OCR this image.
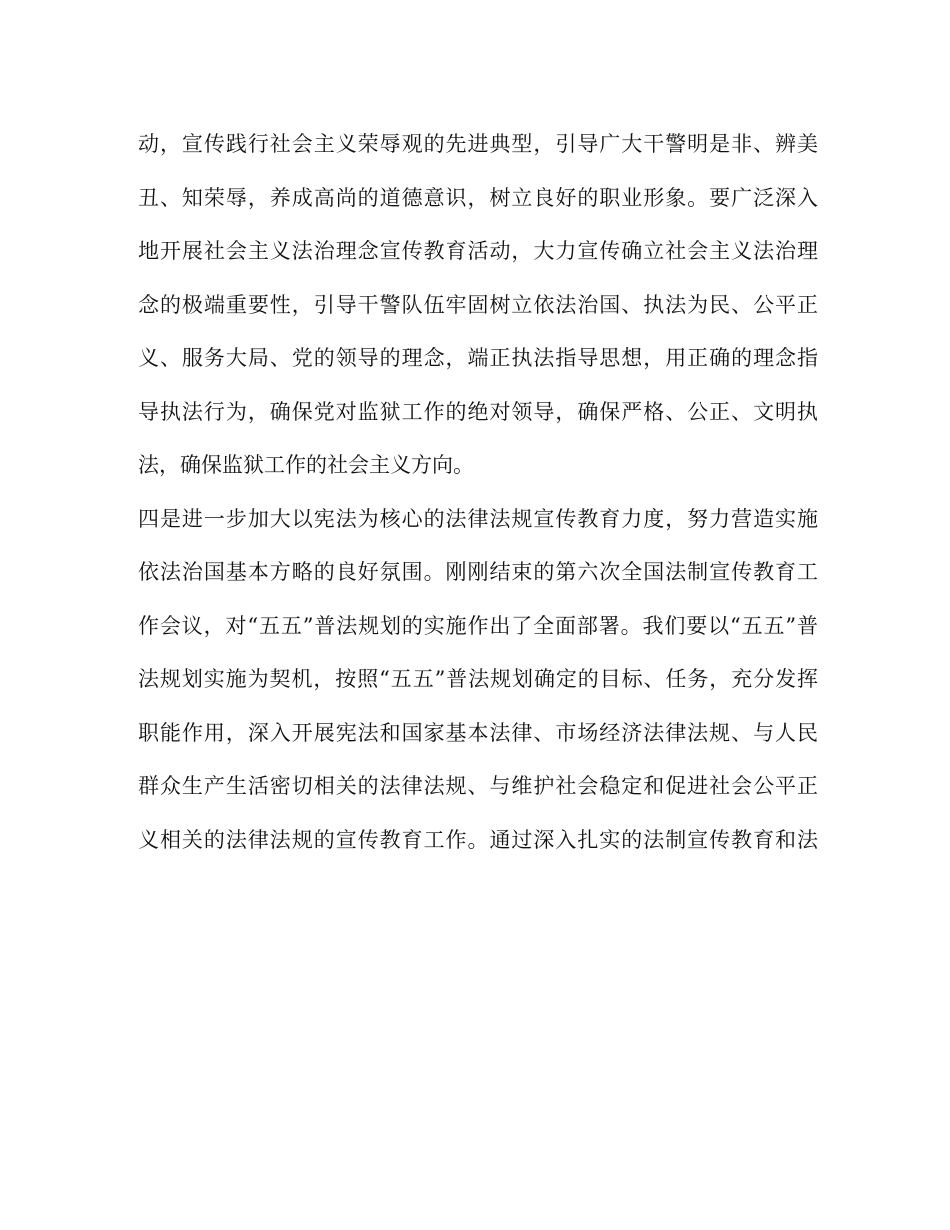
动，宣传践行社会主义荣辱观的先进典型，引导广大干警明是非、辨美
丑、知荣辱，养成高尚的道德意识，树立良好的职业形象。要广泛深入
地开展社会主义法治理念宣传教育活动，大力宣传确立社会主义法治理
念的极端重要性，引导干警队伍牢固树立依法治国、执法为民、公平正
义、服务大局、党的领导的理念，端正执法指导思想，用正确的理念指
导执法行为，确保党对监狱工作的绝对领导，确保严格、公正、文明执
法，确保监狱工作的社会主义方向。
四是进一步加大以宪法为核心的法律法规宣传教育力度，努力营造实施
依法治国基本方略的良好氛围。刚刚结束的第六次全国法制宣传教育工
作会议，对“五五”普法规划的实施作出了全面部署。我们要以“五五”普
法规划实施为契机，按照“五五”普法规划确定的目标、任务，充分发挥
职能作用，深入开展宪法和国家基本法律、市场经济法律法规、与人民
群众生产生活密切相关的法律法规、与维护社会稳定和促进社会公平正
义相关的法律法规的宣传教育工作。通过深入扎实的法制宣传教育和法
